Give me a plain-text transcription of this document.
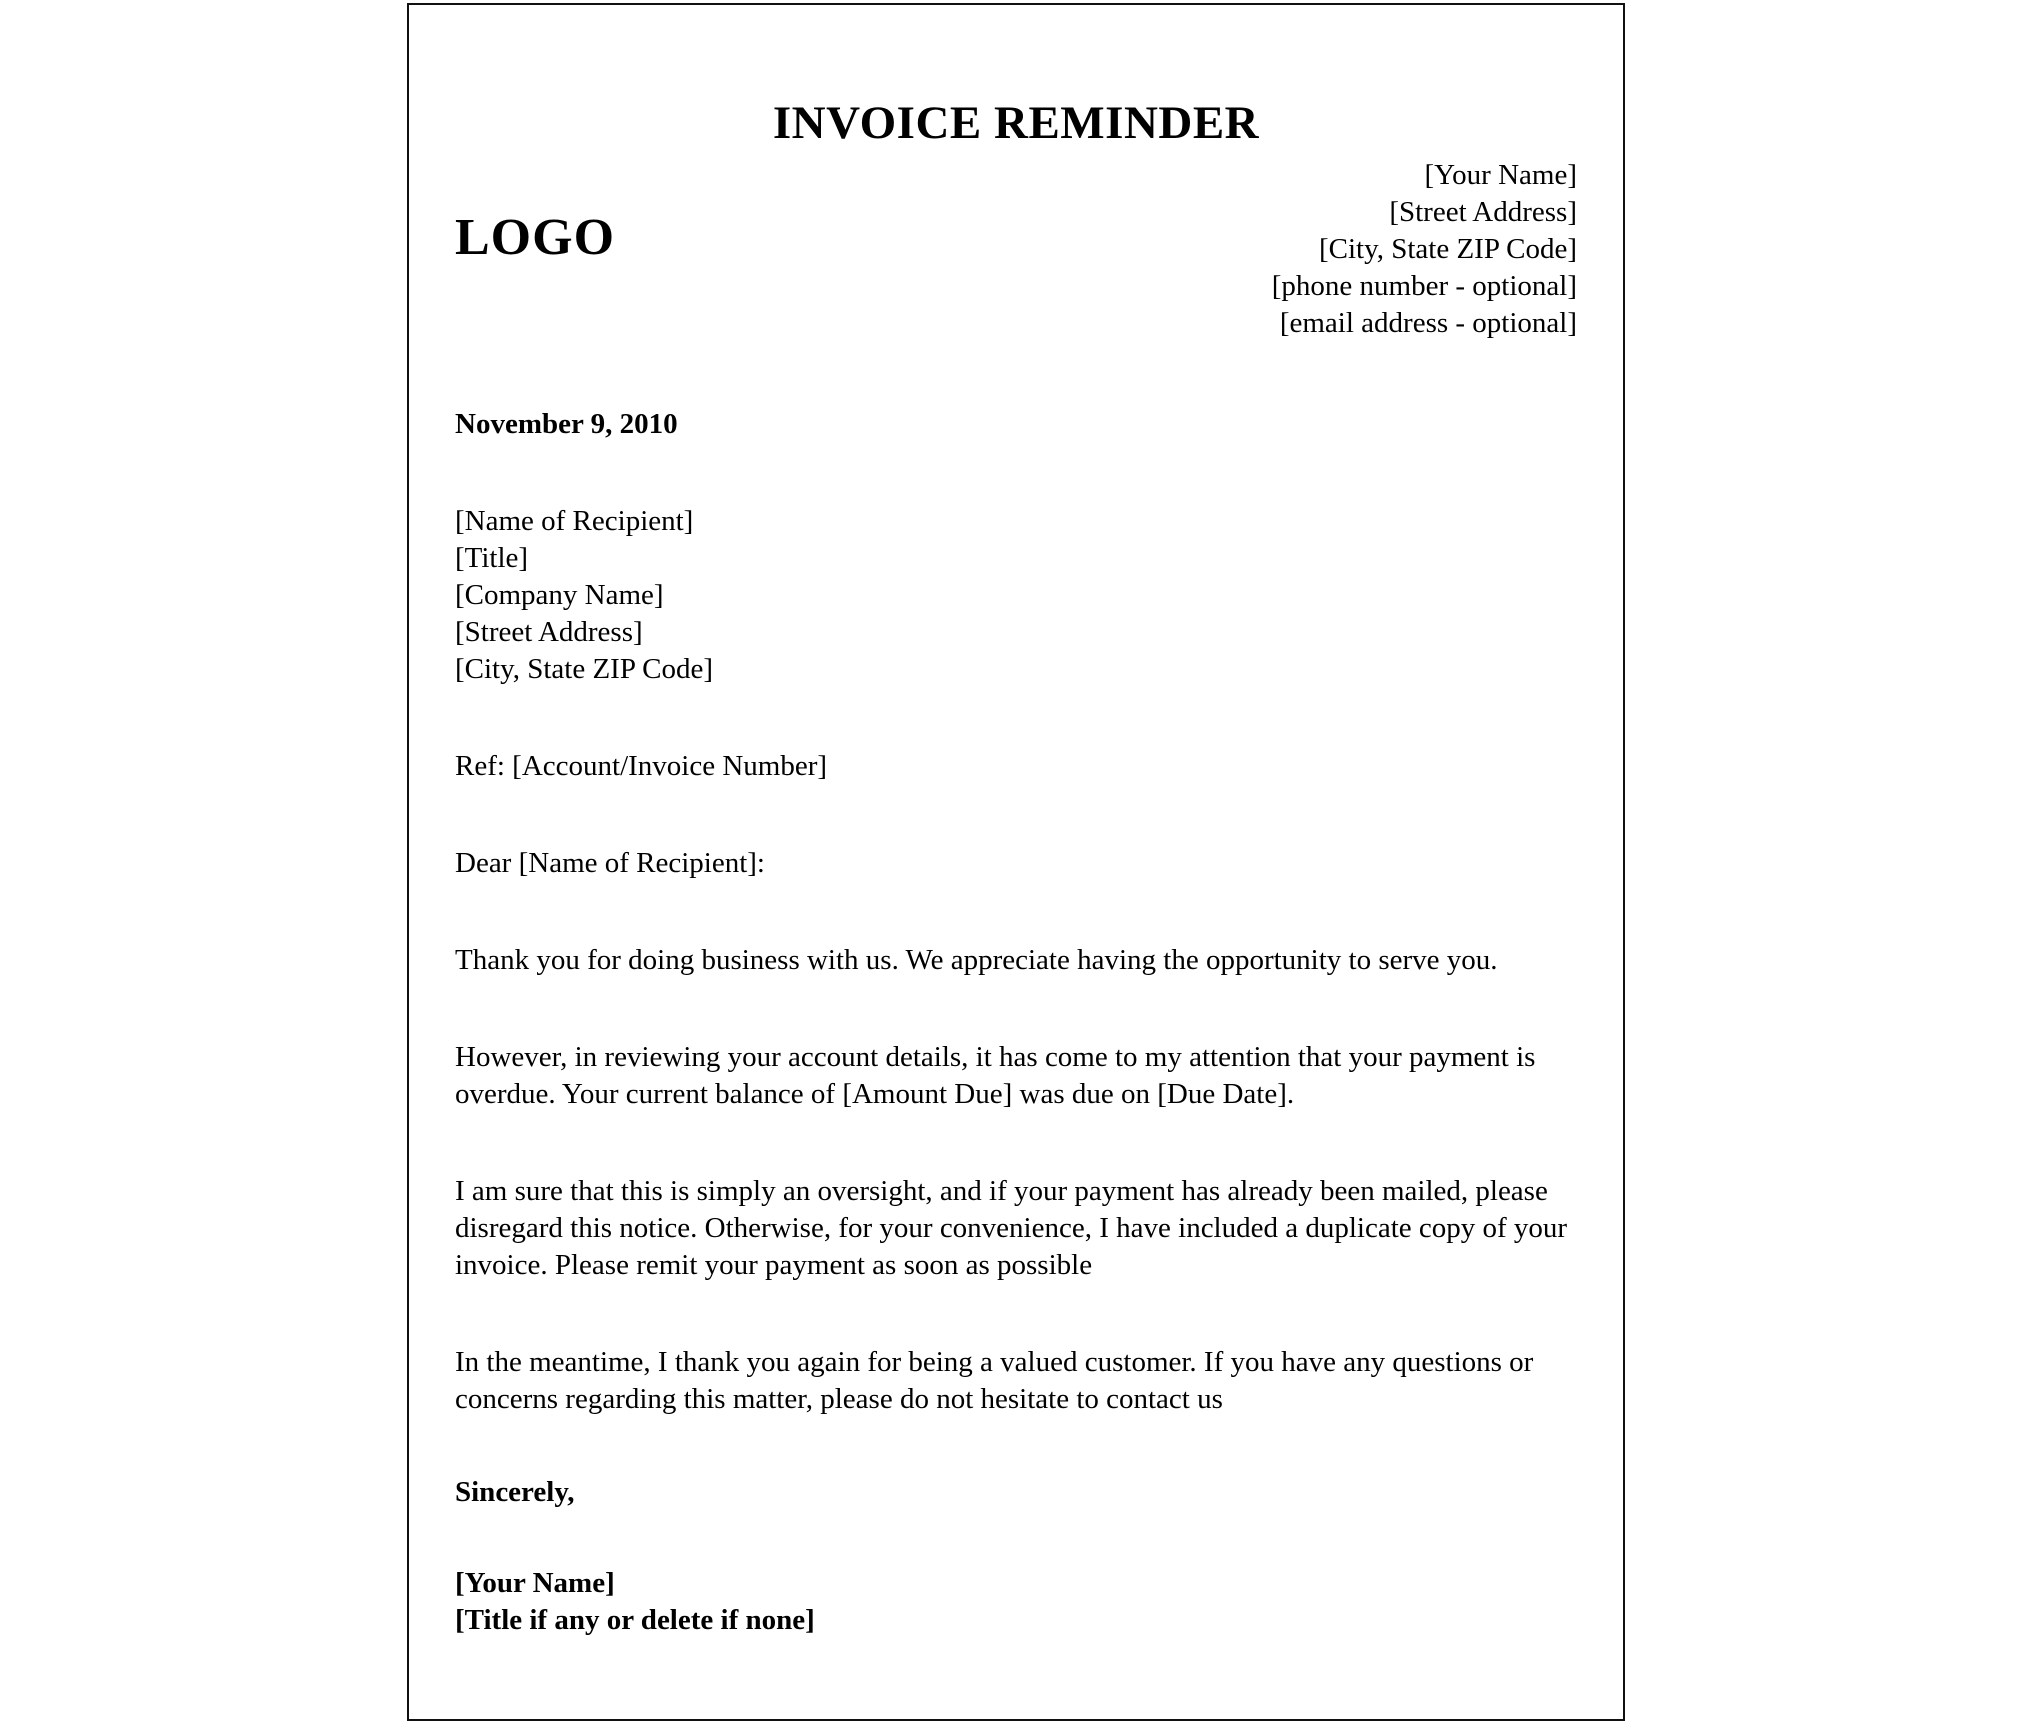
INVOICE REMINDER
LOGO
[Your Name]
[Street Address]
[City, State ZIP Code]
[phone number - optional]
[email address - optional]
November 9, 2010
[Name of Recipient]
[Title]
[Company Name]
[Street Address]
[City, State ZIP Code]
Ref: [Account/Invoice Number]
Dear [Name of Recipient]:

Thank you for doing business with us. We appreciate having the opportunity to serve you.

However, in reviewing your account details, it has come to my attention that your payment is overdue. Your current balance of [Amount Due] was due on [Due Date].

I am sure that this is simply an oversight, and if your payment has already been mailed, please disregard this notice. Otherwise, for your convenience, I have included a duplicate copy of your invoice. Please remit your payment as soon as possible

In the meantime, I thank you again for being a valued customer. If you have any questions or concerns regarding this matter, please do not hesitate to contact us

Sincerely,
[Your Name]
[Title if any or delete if none]
